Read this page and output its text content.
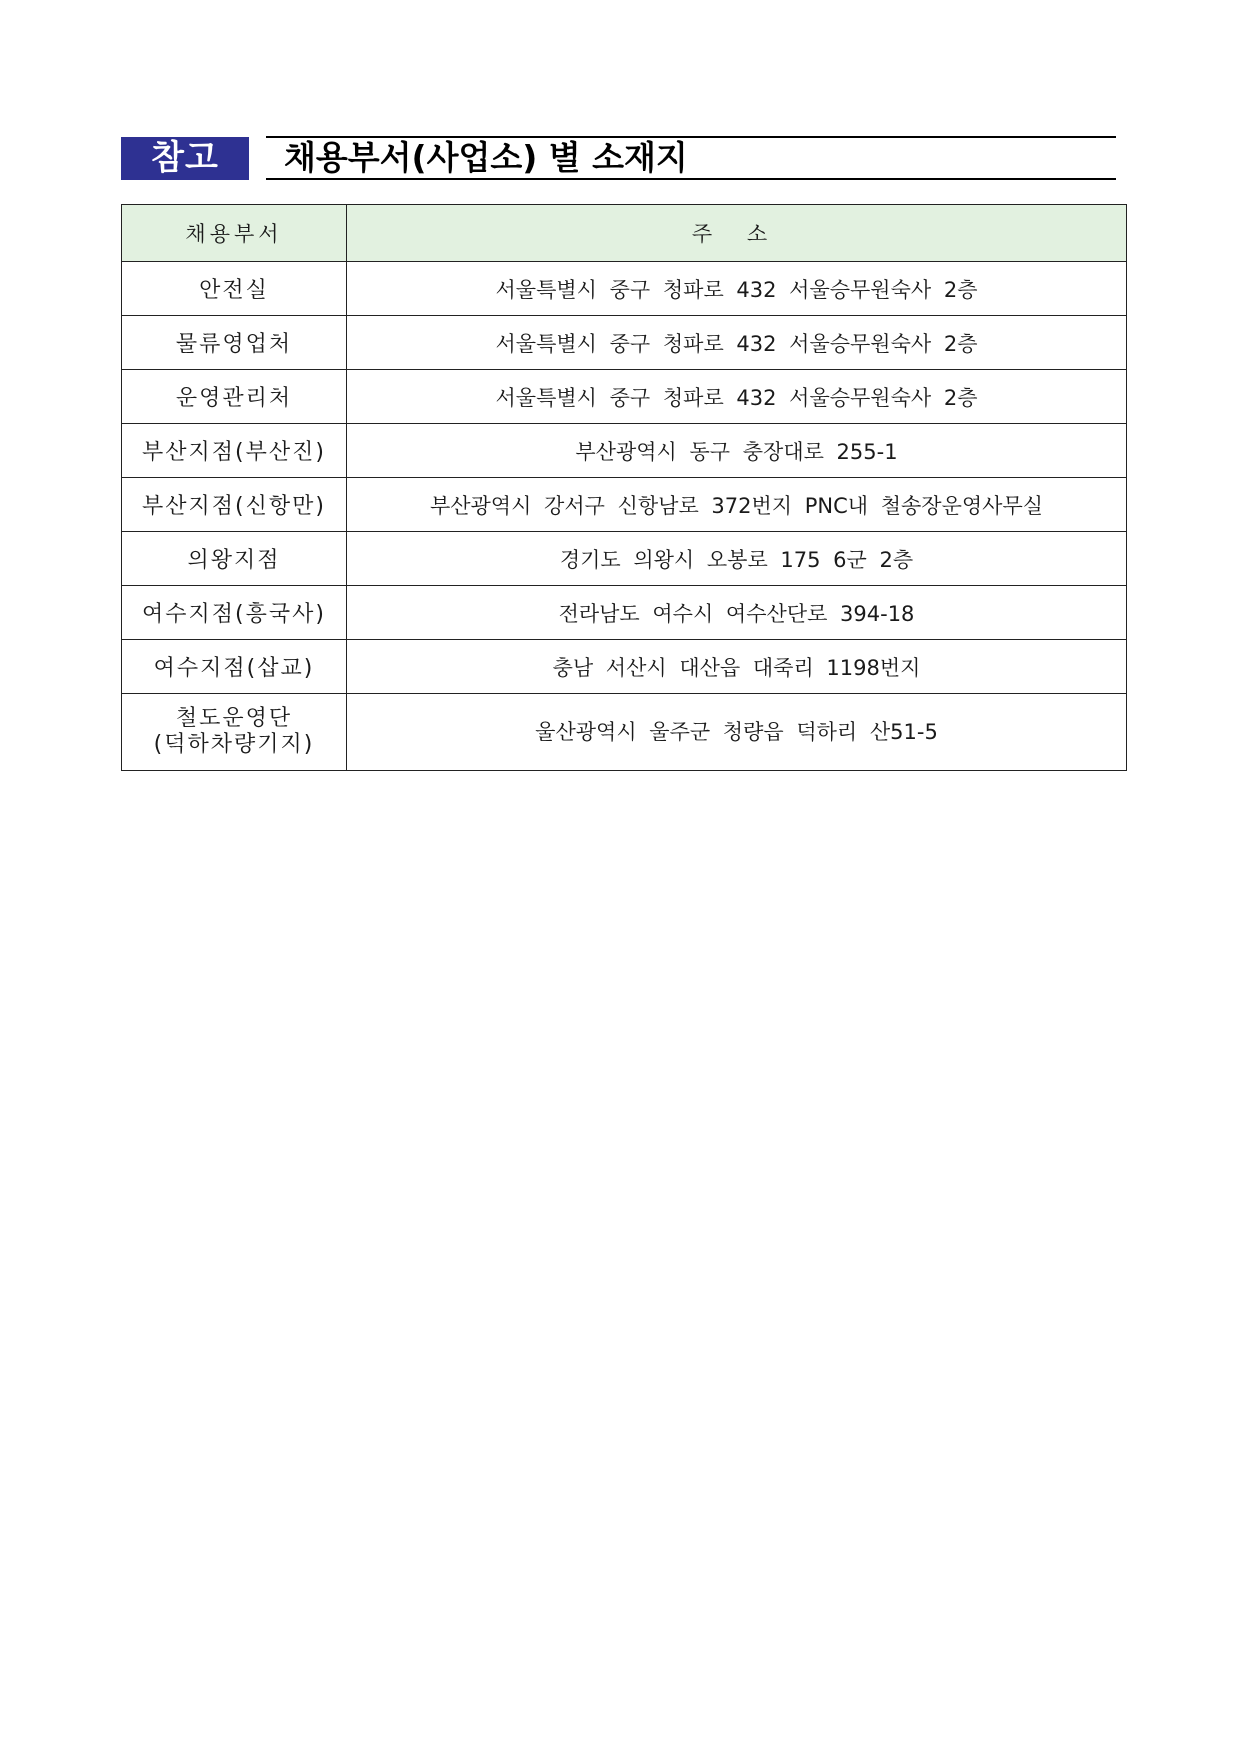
참고	채용부서(사업소) 별 소재지
채용부서	주 소
안전실	서울특별시 중구 청파로 432 서울승무원숙사 2층
물류영업처	서울특별시 중구 청파로 432 서울승무원숙사 2층
운영관리처	서울특별시 중구 청파로 432 서울승무원숙사 2층
부산지점(부산진)	부산광역시 동구 충장대로 255-1
부산지점(신항만)	부산광역시 강서구 신항남로 372번지 PNC내 철송장운영사무실
의왕지점	경기도 의왕시 오봉로 175 6군 2층
여수지점(흥국사)	전라남도 여수시 여수산단로 394-18
여수지점(삽교)	충남 서산시 대산읍 대죽리 1198번지

철도운영단
(덕하차량기지)	울산광역시 울주군 청량읍 덕하리 산51-5
